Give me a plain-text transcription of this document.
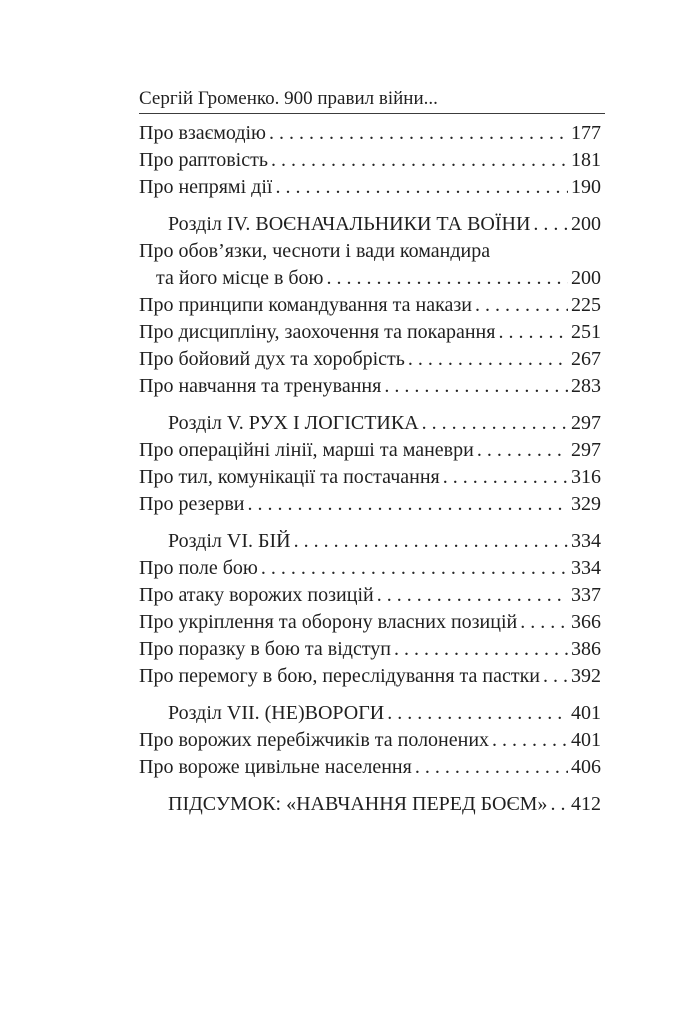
Сергій Громенко. 900 правил війни...
Про взаємодію .....	177
Про раптовість .....	181
Про непрямі дії .....	190
Розділ IV. ВОЄНАЧАЛЬНИКИ ТА ВОЇНИ ..... 200
Про обов’язки, чесноти і вади командира
та його місце в бою .....	200
Про принципи командування та накази .....	225
Про дисципліну, заохочення та покарання .....	251
Про бойовий дух та хоробрість .....	267
Про навчання та тренування .....	283
Розділ V. РУХ І ЛОГІСТИКА .....	297
Про операційні лінії, марші та маневри .....	297
Про тил, комунікації та постачання .....	316
Про резерви .....	329
Розділ VI. БІЙ .....	334
Про поле бою .....	334
Про атаку ворожих позицій .....	337
Про укріплення та оборону власних позицій .....	366
Про поразку в бою та відступ .....	386
Про перемогу в бою, переслідування та пастки ..... 392
Розділ VII. (НЕ)ВОРОГИ .....	401
Про ворожих перебіжчиків та полонених .....	401
Про вороже цивільне населення .....	406
ПІДСУМОК: «НАВЧАННЯ ПЕРЕД БОЄМ» ..... 412
